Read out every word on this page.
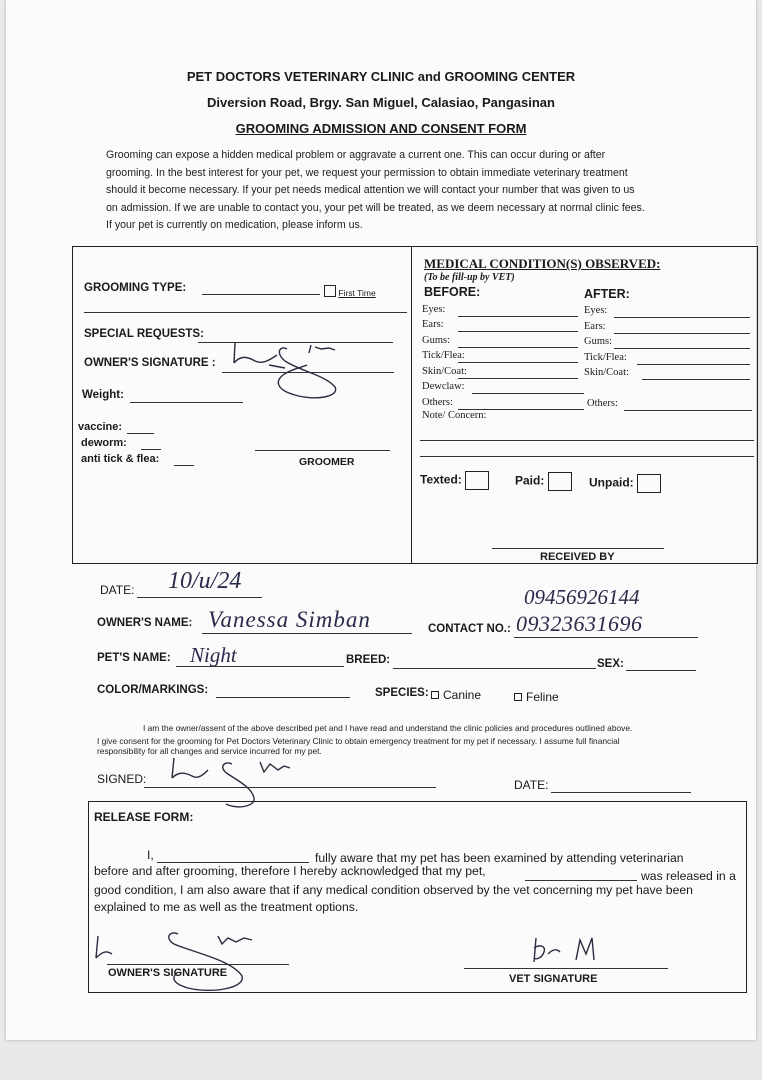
PET DOCTORS VETERINARY CLINIC and GROOMING CENTER
Diversion Road, Brgy. San Miguel, Calasiao, Pangasinan
GROOMING ADMISSION AND CONSENT FORM
Grooming can expose a hidden medical problem or aggravate a current one. This can occur during or after
grooming. In the best interest for your pet, we request your permission to obtain immediate veterinary treatment
should it become necessary. If your pet needs medical attention we will contact your number that was given to us
on admission. If we are unable to contact you, your pet will be treated, as we deem necessary at normal clinic fees.
If your pet is currently on medication, please inform us.
GROOMING TYPE:	First Time
SPECIAL REQUESTS:
OWNER'S SIGNATURE :
Weight:
vaccine:
deworm:
anti tick & flea:	GROOMER
MEDICAL CONDITION(S) OBSERVED:
(To be fill-up by VET)
BEFORE:	AFTER:
Eyes:
Ears:
Gums:
Tick/Flea:
Skin/Coat:
Dewclaw:
Others:
Eyes:
Ears:
Gums:
Tick/Flea:
Skin/Coat:
Others:
Note/ Concern:
Texted:	Paid:	Unpaid:
RECEIVED BY
DATE: 10/u/24
09456926144
OWNER'S NAME: Vanessa Simban	CONTACT NO.: 09323631696
PET'S NAME: Night	BREED:	SEX:
COLOR/MARKINGS:	SPECIES:	Canine	Feline
I am the owner/assent of the above described pet and I have read and understand the clinic policies and procedures outlined above.
I give consent for the grooming for Pet Doctors Veterinary Clinic to obtain emergency treatment for my pet if necessary. I assume full financial
responsibility for all changes and service incurred for my pet.
SIGNED:	DATE:
RELEASE FORM:
I,	fully aware that my pet has been examined by attending veterinarian
before and after grooming, therefore I hereby acknowledged that my pet,	was released in a
good condition, I am also aware that if any medical condition observed by the vet concerning my pet have been
explained to me as well as the treatment options.
OWNER'S SIGNATURE	VET SIGNATURE
